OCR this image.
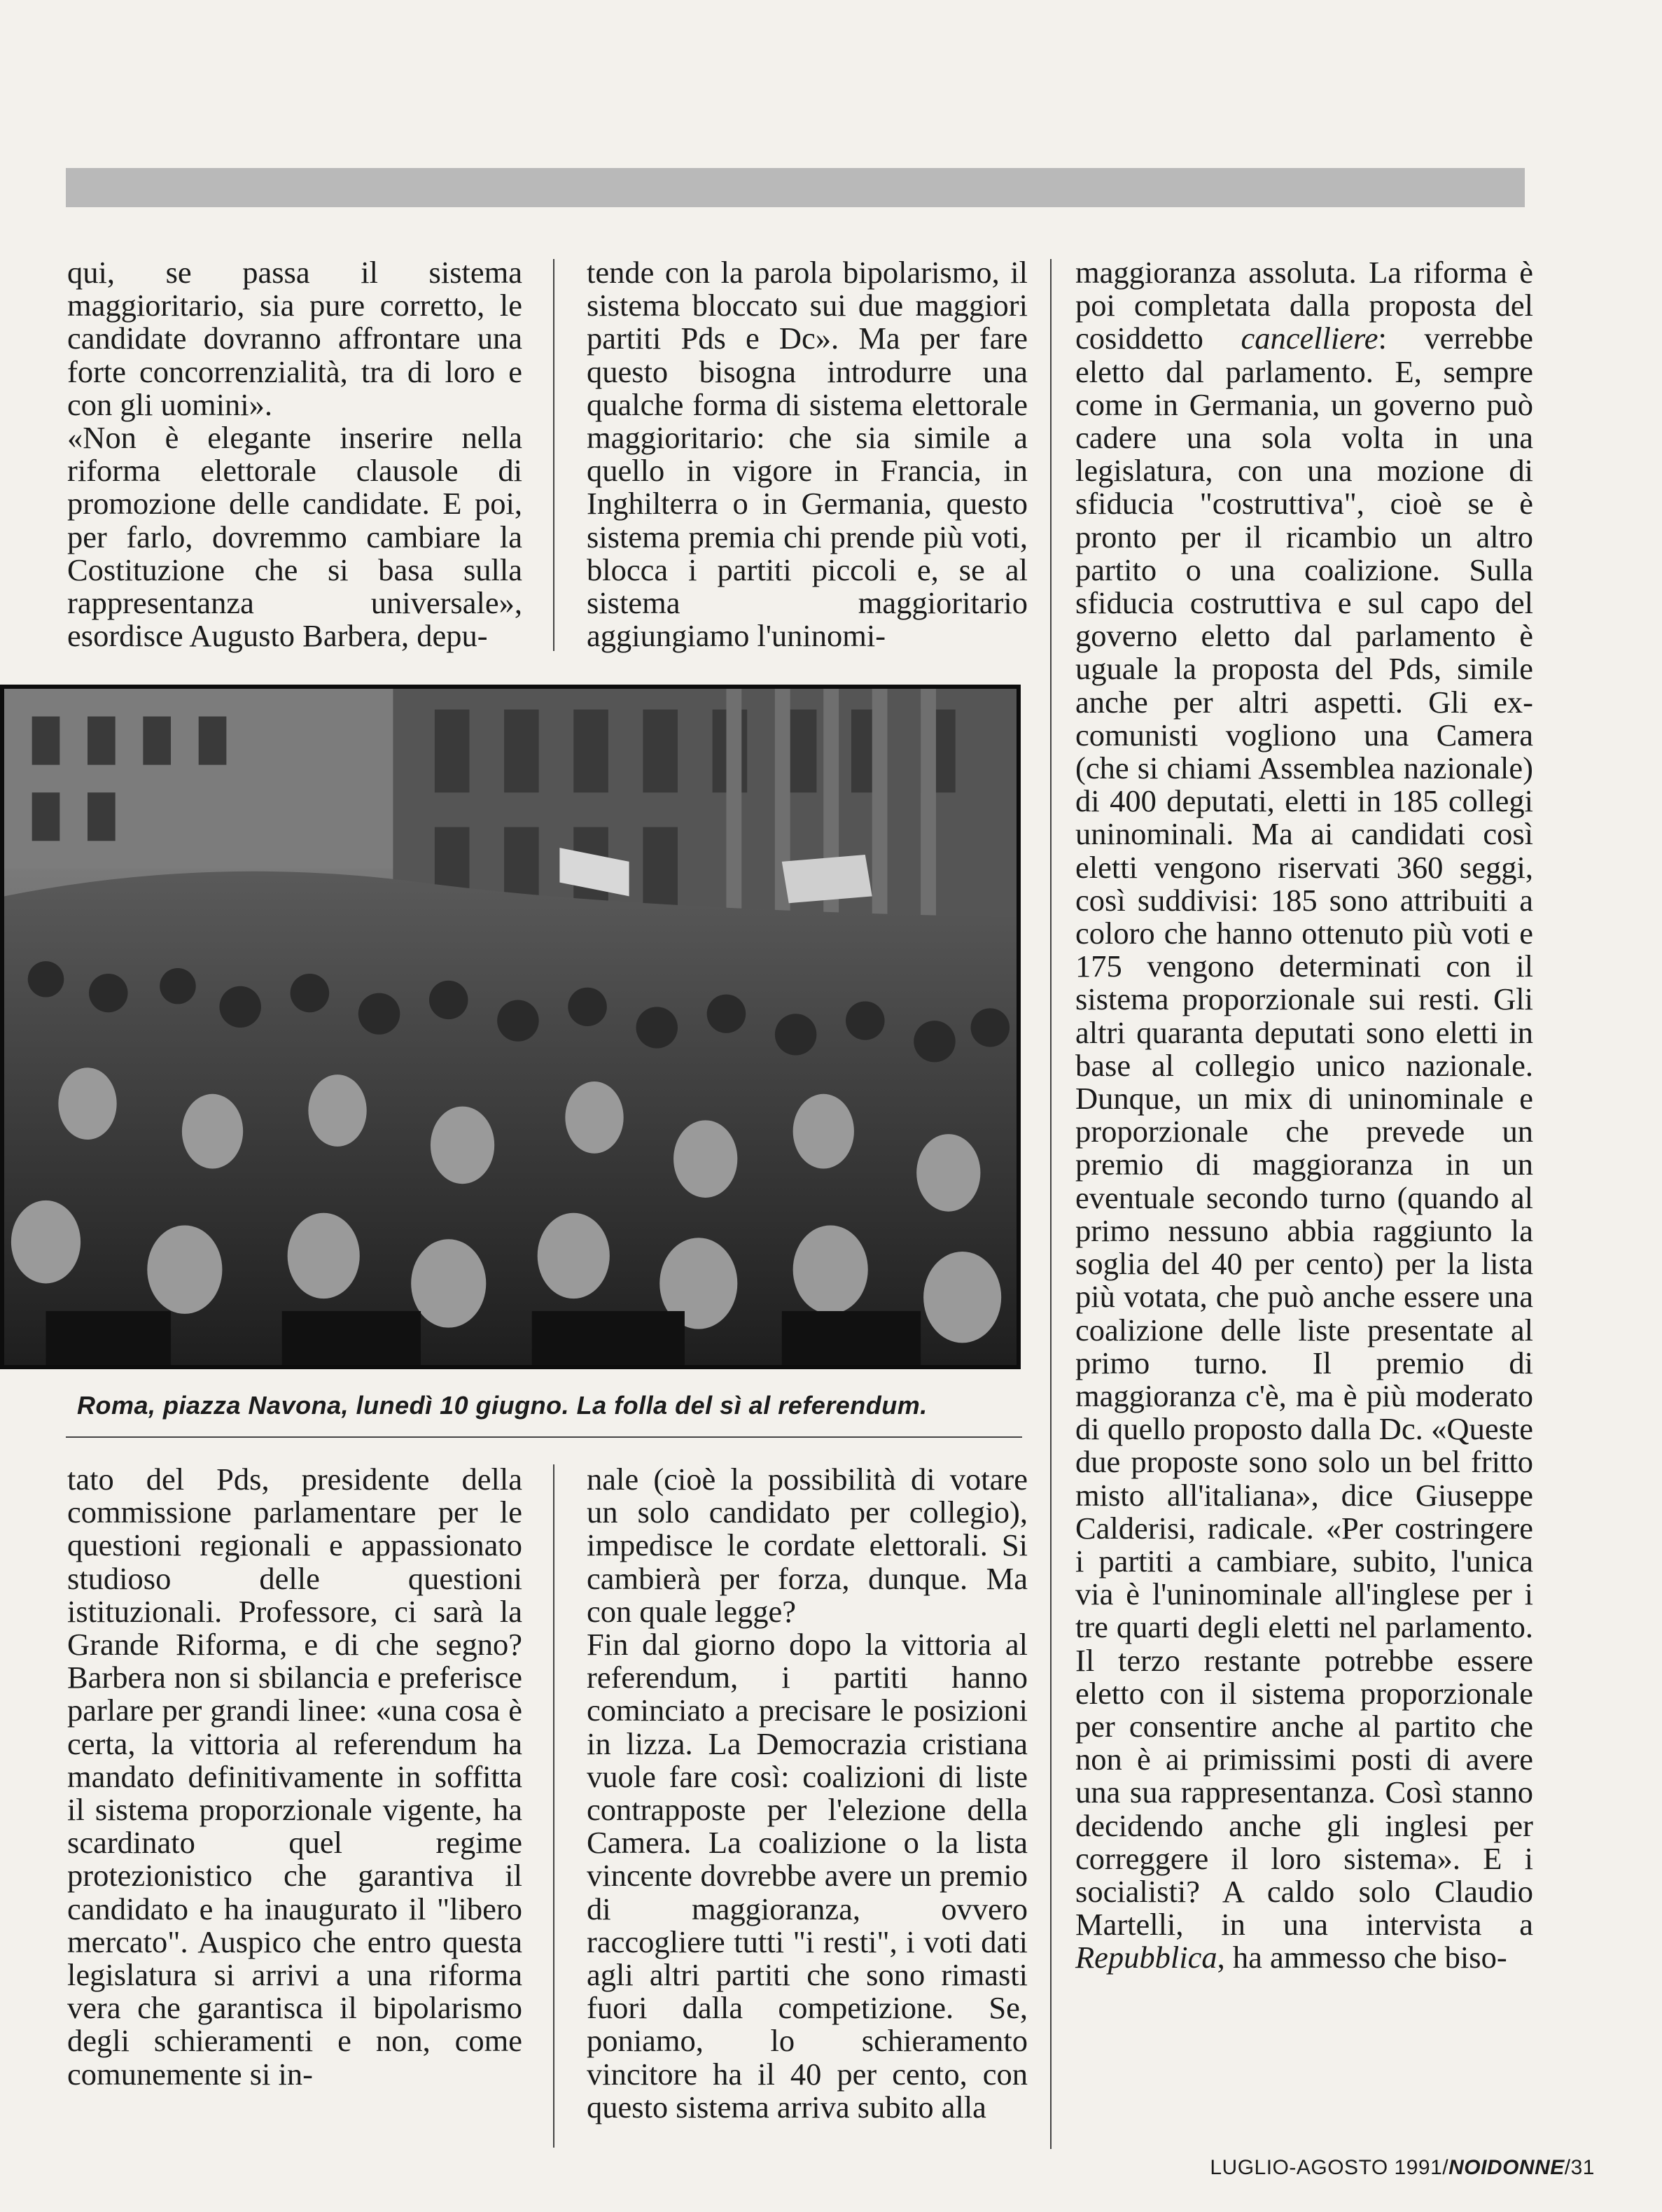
qui, se passa il sistema maggioritario, sia pure corretto, le candidate dovranno affrontare una forte concorrenzialità, tra di loro e con gli uomini».

«Non è elegante inserire nella riforma elettorale clausole di promozione delle candidate. E poi, per farlo, dovremmo cambiare la Costituzione che si basa sulla rappresentanza universale», esordisce Augusto Barbera, depu-

tende con la parola bipolarismo, il sistema bloccato sui due maggiori partiti Pds e Dc». Ma per fare questo bisogna introdurre una qualche forma di sistema elettorale maggioritario: che sia simile a quello in vigore in Francia, in Inghilterra o in Germania, questo sistema premia chi prende più voti, blocca i partiti piccoli e, se al sistema maggioritario aggiungiamo l'uninomi-

maggioranza assoluta. La riforma è poi completata dalla proposta del cosiddetto cancelliere: verrebbe eletto dal parlamento. E, sempre come in Germania, un governo può cadere una sola volta in una legislatura, con una mozione di sfiducia "costruttiva", cioè se è pronto per il ricambio un altro partito o una coalizione. Sulla sfiducia costruttiva e sul capo del governo eletto dal parlamento è uguale la proposta del Pds, simile anche per altri aspetti. Gli ex-comunisti vogliono una Camera (che si chiami Assemblea nazionale) di 400 deputati, eletti in 185 collegi uninominali. Ma ai candidati così eletti vengono riservati 360 seggi, così suddivisi: 185 sono attribuiti a coloro che hanno ottenuto più voti e 175 vengono determinati con il sistema proporzionale sui resti. Gli altri quaranta deputati sono eletti in base al collegio unico nazionale. Dunque, un mix di uninominale e proporzionale che prevede un premio di maggioranza in un eventuale secondo turno (quando al primo nessuno abbia raggiunto la soglia del 40 per cento) per la lista più votata, che può anche essere una coalizione delle liste presentate al primo turno. Il premio di maggioranza c'è, ma è più moderato di quello proposto dalla Dc. «Queste due proposte sono solo un bel fritto misto all'italiana», dice Giuseppe Calderisi, radicale. «Per costringere i partiti a cambiare, subito, l'unica via è l'uninominale all'inglese per i tre quarti degli eletti nel parlamento. Il terzo restante potrebbe essere eletto con il sistema proporzionale per consentire anche al partito che non è ai primissimi posti di avere una sua rappresentanza. Così stanno decidendo anche gli inglesi per correggere il loro sistema». E i socialisti? A caldo solo Claudio Martelli, in una intervista a Repubblica, ha ammesso che biso-

Roma, piazza Navona, lunedì 10 giugno. La folla del sì al referendum.

tato del Pds, presidente della commissione parlamentare per le questioni regionali e appassionato studioso delle questioni istituzionali. Professore, ci sarà la Grande Riforma, e di che segno? Barbera non si sbilancia e preferisce parlare per grandi linee: «una cosa è certa, la vittoria al referendum ha mandato definitivamente in soffitta il sistema proporzionale vigente, ha scardinato quel regime protezionistico che garantiva il candidato e ha inaugurato il "libero mercato". Auspico che entro questa legislatura si arrivi a una riforma vera che garantisca il bipolarismo degli schieramenti e non, come comunemente si in-

nale (cioè la possibilità di votare un solo candidato per collegio), impedisce le cordate elettorali. Si cambierà per forza, dunque. Ma con quale legge?

Fin dal giorno dopo la vittoria al referendum, i partiti hanno cominciato a precisare le posizioni in lizza. La Democrazia cristiana vuole fare così: coalizioni di liste contrapposte per l'elezione della Camera. La coalizione o la lista vincente dovrebbe avere un premio di maggioranza, ovvero raccogliere tutti "i resti", i voti dati agli altri partiti che sono rimasti fuori dalla competizione. Se, poniamo, lo schieramento vincitore ha il 40 per cento, con questo sistema arriva subito alla

LUGLIO-AGOSTO 1991/NOIDONNE/31
